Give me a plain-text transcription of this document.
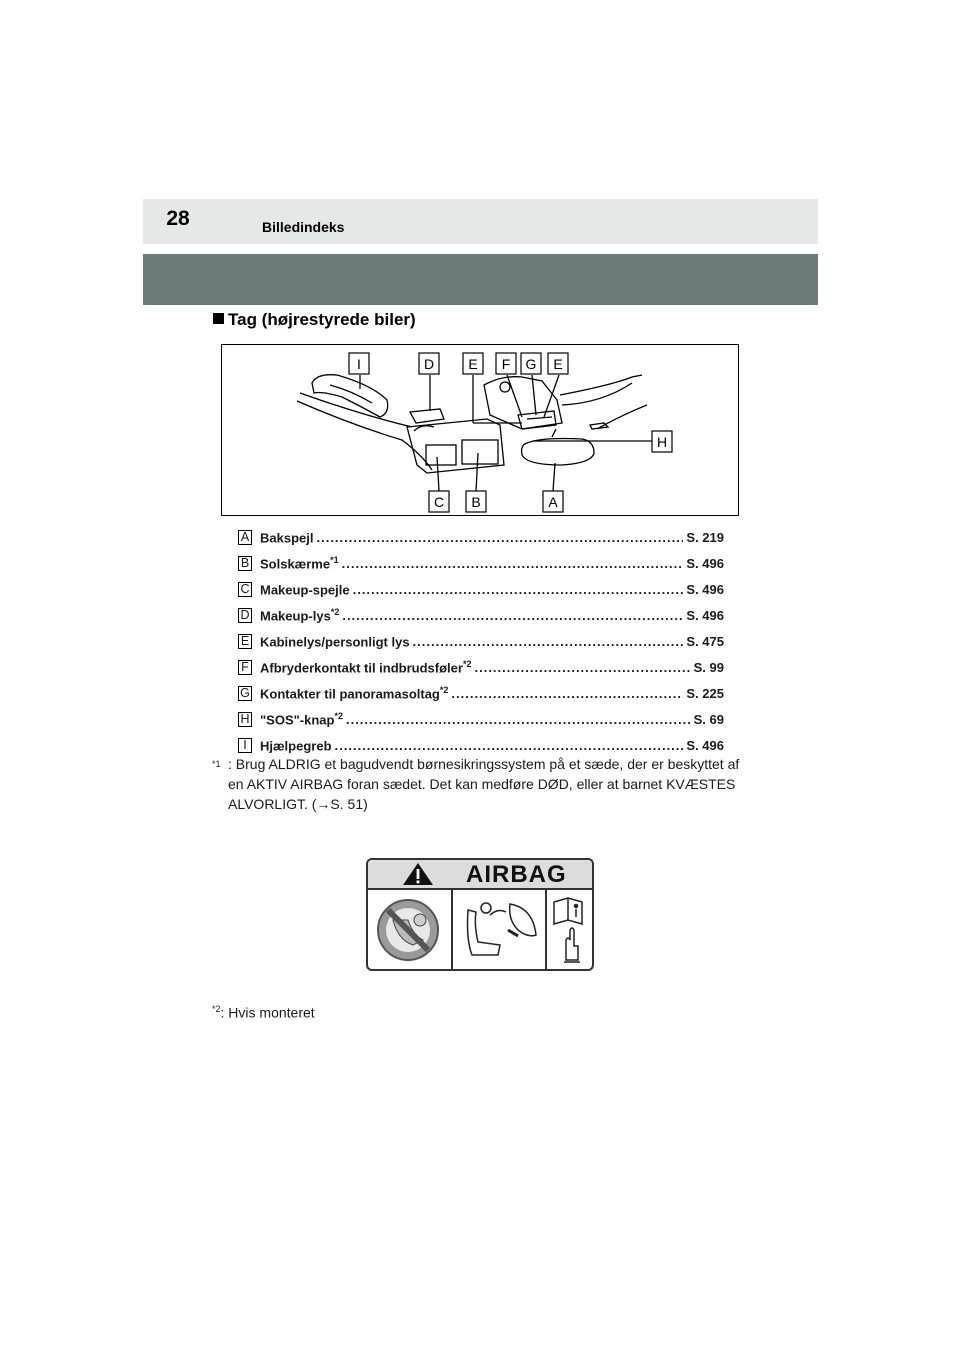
28	Billedindeks
Tag (højrestyrede biler)
I	D E F G E
H
C B	A
A Bakspejl .....	S. 219
B Solskærme$^{*1}$ .....	S. 496
C Makeup-spejle .....	S. 496
D Makeup-lys$^{*2}$ .....	S. 496
E Kabinelys/personligt lys .....	S. 475
F Afbryderkontakt til indbrudsføler$^{*2}$ .....	S. 99
G Kontakter til panoramasoltag$^{*2}$ .....	S. 225
H "SOS"-knap$^{*2}$ .....	S. 69
I	Hjælpegreb .....	S. 496
$^{*1}$ : Brug ALDRIG et bagudvendt børnesikringssystem på et sæde, der er beskyttet af en AKTIV AIRBAG foran sædet. Det kan medføre DØD, eller at barnet KVÆSTES ALVORLIGT. (→S. 51)
AIRBAG
$^{*2}$: Hvis monteret
